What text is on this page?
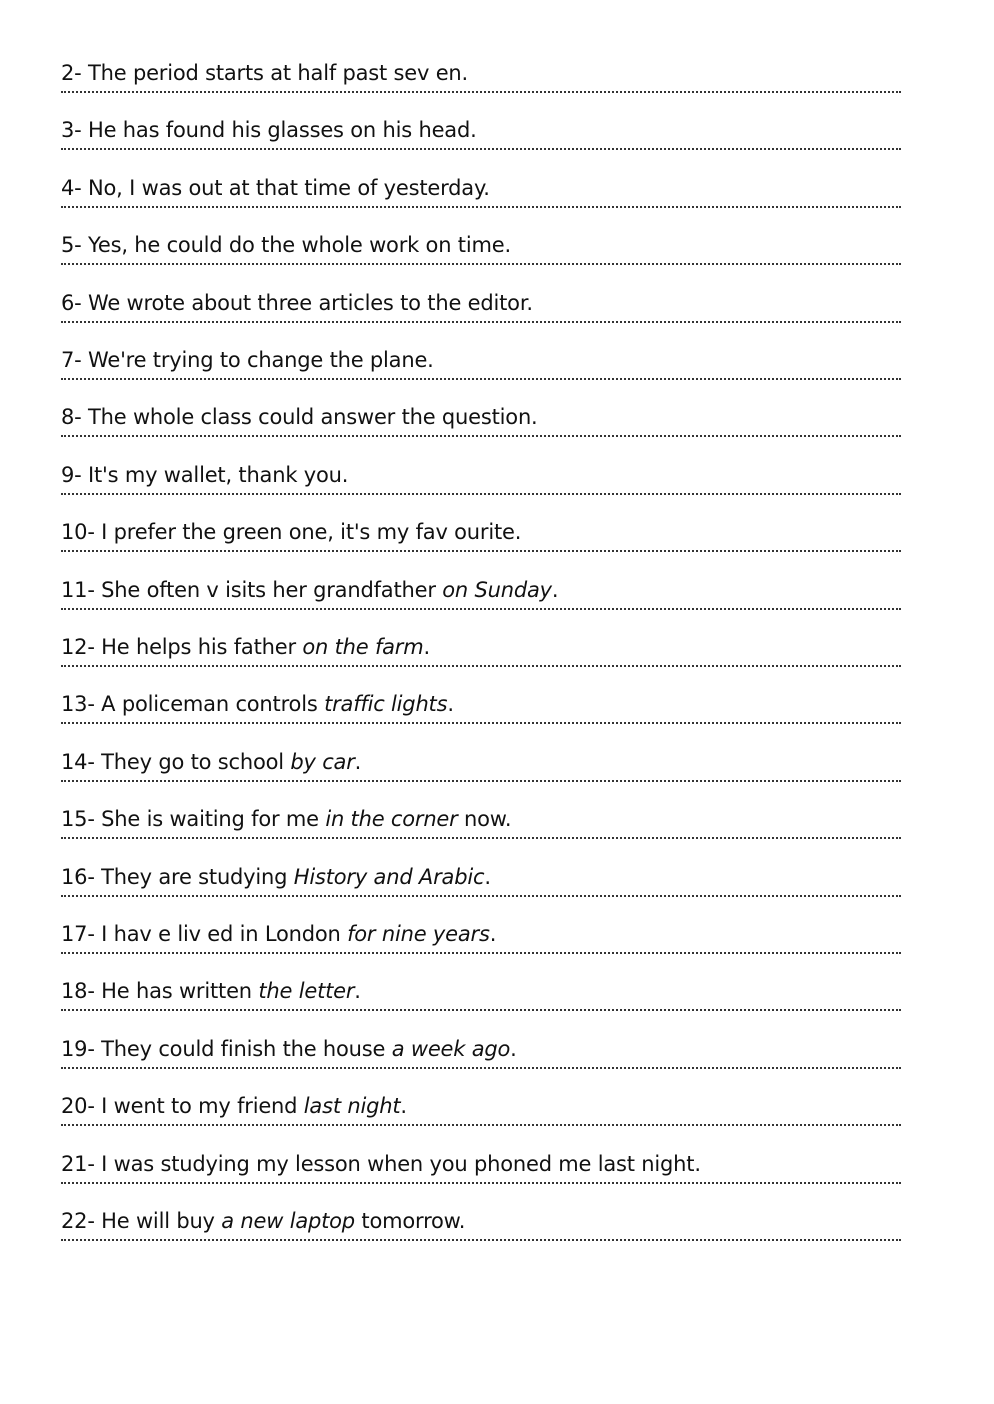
2- The period starts at half past sev en.
3- He has found his glasses on his head.
4- No, I was out at that time of yesterday.
5- Yes, he could do the whole work on time.
6- We wrote about three articles to the editor.
7- We're trying to change the plane.
8- The whole class could answer the question.
9- It's my wallet, thank you.
10- I prefer the green one, it's my fav ourite.
11- She often v isits her grandfather on Sunday.
12- He helps his father on the farm.
13- A policeman controls traffic lights.
14- They go to school by car.
15- She is waiting for me in the corner now.
16- They are studying History and Arabic.
17- I hav e liv ed in London for nine years.
18- He has written the letter.
19- They could finish the house a week ago.
20- I went to my friend last night.
21- I was studying my lesson when you phoned me last night.
22- He will buy a new laptop tomorrow.
